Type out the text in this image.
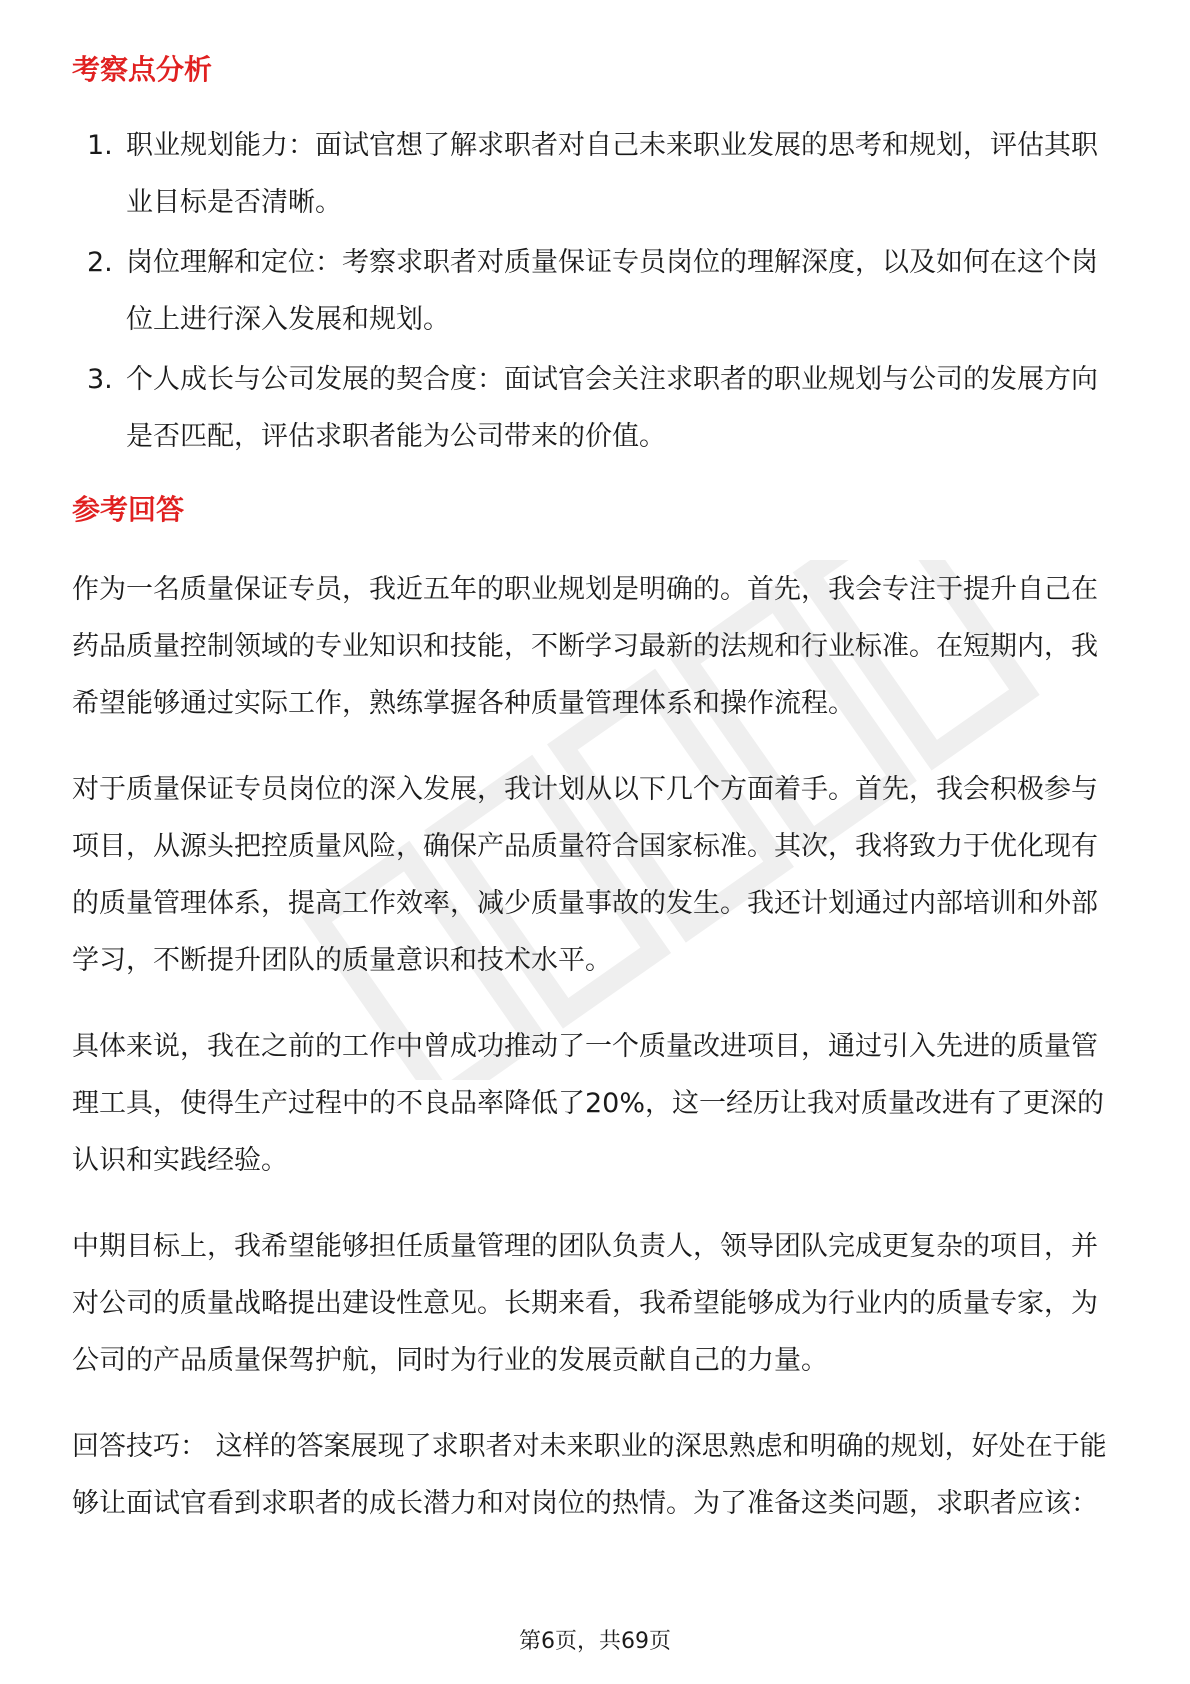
考察点分析
1. 职业规划能力：面试官想了解求职者对自己未来职业发展的思考和规划，评估其职业目标是否清晰。
2. 岗位理解和定位：考察求职者对质量保证专员岗位的理解深度，以及如何在这个岗位上进行深入发展和规划。
3. 个人成长与公司发展的契合度：面试官会关注求职者的职业规划与公司的发展方向是否匹配，评估求职者能为公司带来的价值。
参考回答

作为一名质量保证专员，我近五年的职业规划是明确的。首先，我会专注于提升自己在药品质量控制领域的专业知识和技能，不断学习最新的法规和行业标准。在短期内，我希望能够通过实际工作，熟练掌握各种质量管理体系和操作流程。

对于质量保证专员岗位的深入发展，我计划从以下几个方面着手。首先，我会积极参与项目，从源头把控质量风险，确保产品质量符合国家标准。其次，我将致力于优化现有的质量管理体系，提高工作效率，减少质量事故的发生。我还计划通过内部培训和外部学习，不断提升团队的质量意识和技术水平。

具体来说，我在之前的工作中曾成功推动了一个质量改进项目，通过引入先进的质量管理工具，使得生产过程中的不良品率降低了20%，这一经历让我对质量改进有了更深的认识和实践经验。

中期目标上，我希望能够担任质量管理的团队负责人，领导团队完成更复杂的项目，并对公司的质量战略提出建设性意见。长期来看，我希望能够成为行业内的质量专家，为公司的产品质量保驾护航，同时为行业的发展贡献自己的力量。

回答技巧： 这样的答案展现了求职者对未来职业的深思熟虑和明确的规划，好处在于能够让面试官看到求职者的成长潜力和对岗位的热情。为了准备这类问题，求职者应该：

第6页，共69页
